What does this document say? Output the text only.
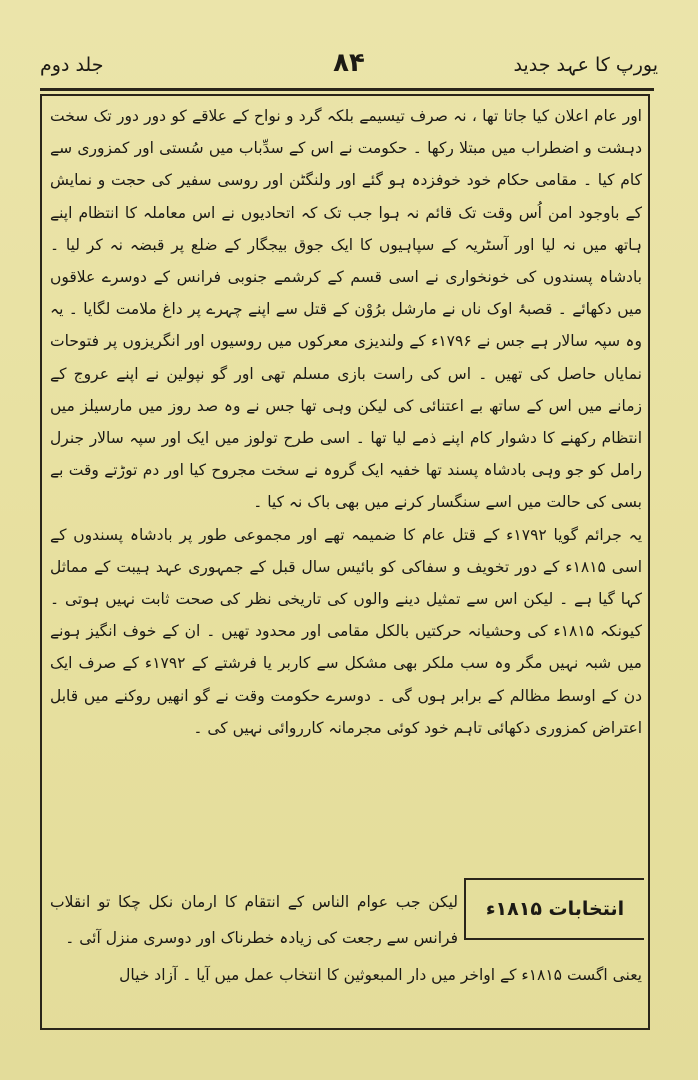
یورپ کا عہد جدید
۸۴
جلد دوم

اور عام اعلان کیا جاتا تھا ، نہ صرف تیسیمے بلکہ گرد و نواح کے علاقے کو دور دور تک سخت دہشت و اضطراب میں مبتلا رکھا ۔ حکومت نے اس کے سدِّباب میں سُستی اور کمزوری سے کام کیا ۔ مقامی حکام خود خوفزدہ ہو گئے اور ولنگٹن اور روسی سفیر کی حجت و نمایش کے باوجود امن اُس وقت تک قائم نہ ہوا جب تک کہ اتحادیوں نے اس معاملہ کا انتظام اپنے ہاتھ میں نہ لیا اور آسٹریہ کے سپاہیوں کا ایک جوق بیجگار کے ضلع پر قبضہ نہ کر لیا ۔ بادشاہ پسندوں کی خونخواری نے اسی قسم کے کرشمے جنوبی فرانس کے دوسرے علاقوں میں دکھائے ۔ قصبۂ اوک ناں نے مارشل برُوْن کے قتل سے اپنے چہرے پر داغ ملامت لگایا ۔ یہ وہ سپہ سالار ہے جس نے ۱۷۹۶ء کے ولندیزی معرکوں میں روسیوں اور انگریزوں پر فتوحات نمایاں حاصل کی تھیں ۔ اس کی راست بازی مسلم تھی اور گو نپولین نے اپنے عروج کے زمانے میں اس کے ساتھ بے اعتنائی کی لیکن وہی تھا جس نے وہ صد روز میں مارسیلز میں انتظام رکھنے کا دشوار کام اپنے ذمے لیا تھا ۔ اسی طرح تولوز میں ایک اور سپہ سالار جنرل رامل کو جو وہی بادشاہ پسند تھا خفیہ ایک گروہ نے سخت مجروح کیا اور دم توڑتے وقت بے بسی کی حالت میں اسے سنگسار کرنے میں بھی باک نہ کیا ۔

یہ جرائم گویا ۱۷۹۲ء کے قتل عام کا ضمیمہ تھے اور مجموعی طور پر بادشاہ پسندوں کے اسی ۱۸۱۵ء کے دور تخویف و سفاکی کو بائیس سال قبل کے جمہوری عہد ہیبت کے مماثل کہا گیا ہے ۔ لیکن اس سے تمثیل دینے والوں کی تاریخی نظر کی صحت ثابت نہیں ہوتی ۔ کیونکہ ۱۸۱۵ء کی وحشیانہ حرکتیں بالکل مقامی اور محدود تھیں ۔ ان کے خوف انگیز ہونے میں شبہ نہیں مگر وہ سب ملکر بھی مشکل سے کاربر یا فرشتے کے ۱۷۹۲ء کے صرف ایک دن کے اوسط مظالم کے برابر ہوں گی ۔ دوسرے حکومت وقت نے گو انھیں روکنے میں قابل اعتراض کمزوری دکھائی تاہم خود کوئی مجرمانہ کارروائی نہیں کی ۔

انتخابات ۱۸۱۵ء
لیکن جب عوام الناس کے انتقام کا ارمان نکل چکا تو انقلاب فرانس سے رجعت کی زیادہ خطرناک اور دوسری منزل آئی ۔
یعنی اگست ۱۸۱۵ء کے اواخر میں دار المبعوثین کا انتخاب عمل میں آیا ۔ آزاد خیال
